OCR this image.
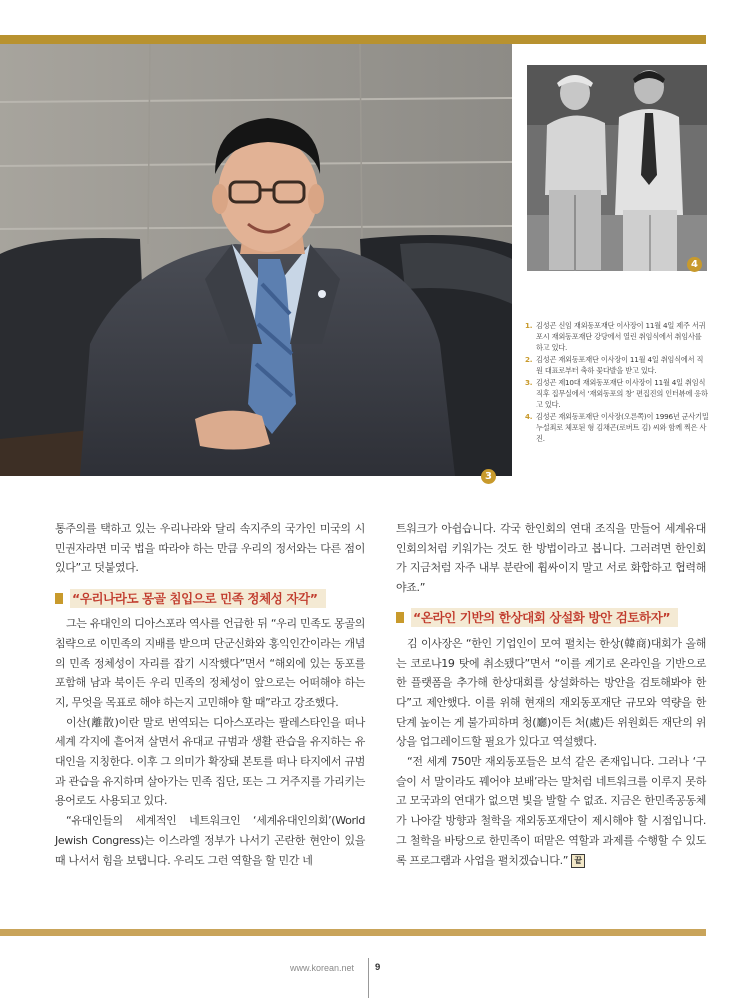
3
4
1. 김성곤 신임 재외동포재단 이사장이 11월 4일 제주 서귀포시 재외동포재단 강당에서 열린 취임식에서 취임사를 하고 있다.
2. 김성곤 재외동포재단 이사장이 11월 4일 취임식에서 직원 대표로부터 축하 꽃다발을 받고 있다.
3. 김성곤 제10대 재외동포재단 이사장이 11월 4일 취임식 직후 집무실에서 ‘재외동포의 창’ 편집진의 인터뷰에 응하고 있다.
4. 김성곤 재외동포재단 이사장(오른쪽)이 1996년 군사기밀 누설죄로 체포된 형 김채곤(로버트 김) 씨와 함께 찍은 사진.

통주의를 택하고 있는 우리나라와 달리 속지주의 국가인 미국의 시민권자라면 미국 법을 따라야 하는 만큼 우리의 정서와는 다른 점이 있다”고 덧붙였다.

“우리나라도 몽골 침입으로 민족 정체성 자각”

그는 유대인의 디아스포라 역사를 언급한 뒤 “우리 민족도 몽골의 침략으로 이민족의 지배를 받으며 단군신화와 홍익인간이라는 개념의 민족 정체성이 자리를 잡기 시작했다”면서 “해외에 있는 동포를 포함해 남과 북이든 우리 민족의 정체성이 앞으로는 어떠해야 하는지, 무엇을 목표로 해야 하는지 고민해야 할 때”라고 강조했다.

이산(離散)이란 말로 번역되는 디아스포라는 팔레스타인을 떠나 세계 각지에 흩어져 살면서 유대교 규범과 생활 관습을 유지하는 유대인을 지칭한다. 이후 그 의미가 확장돼 본토를 떠나 타지에서 규범과 관습을 유지하며 살아가는 민족 집단, 또는 그 거주지를 가리키는 용어로도 사용되고 있다.

“유대인들의 세계적인 네트워크인 ‘세계유대인의회’(World Jewish Congress)는 이스라엘 정부가 나서기 곤란한 현안이 있을 때 나서서 힘을 보탭니다. 우리도 그런 역할을 할 민간 네

트워크가 아쉽습니다. 각국 한인회의 연대 조직을 만들어 세계유대인회의처럼 키워가는 것도 한 방법이라고 봅니다. 그러려면 한인회가 지금처럼 자주 내부 분란에 휩싸이지 말고 서로 화합하고 협력해야죠.”

“온라인 기반의 한상대회 상설화 방안 검토하자”

김 이사장은 “한인 기업인이 모여 펼치는 한상(韓商)대회가 올해는 코로나19 탓에 취소됐다”면서 “이를 계기로 온라인을 기반으로 한 플랫폼을 추가해 한상대회를 상설화하는 방안을 검토해봐야 한다”고 제안했다. 이를 위해 현재의 재외동포재단 규모와 역량을 한 단계 높이는 게 불가피하며 청(廳)이든 처(處)든 위원회든 재단의 위상을 업그레이드할 필요가 있다고 역설했다.

“전 세계 750만 재외동포들은 보석 같은 존재입니다. 그러나 ‘구슬이 서 말이라도 꿰어야 보배’라는 말처럼 네트워크를 이루지 못하고 모국과의 연대가 없으면 빛을 발할 수 없죠. 지금은 한민족공동체가 나아갈 방향과 철학을 재외동포재단이 제시해야 할 시점입니다. 그 철학을 바탕으로 한민족이 떠맡은 역할과 과제를 수행할 수 있도록 프로그램과 사업을 펼치겠습니다.” 끝

www.korean.net 9
